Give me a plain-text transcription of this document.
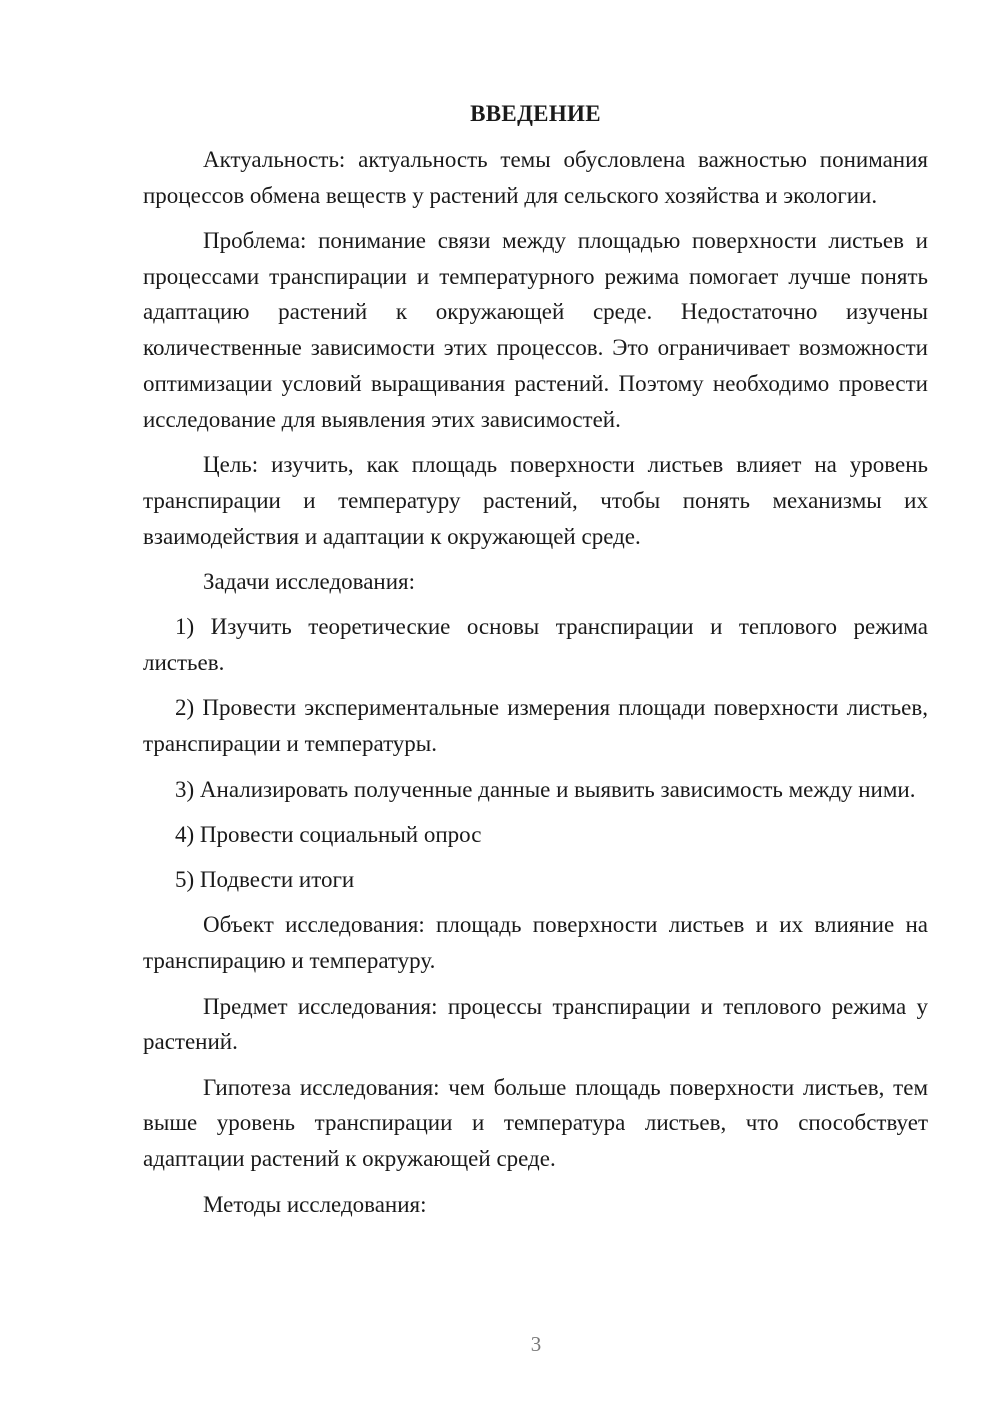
ВВЕДЕНИЕ

Актуальность: актуальность темы обусловлена важностью понимания процессов обмена веществ у растений для сельского хозяйства и экологии.

Проблема: понимание связи между площадью поверхности листьев и процессами транспирации и температурного режима помогает лучше понять адаптацию растений к окружающей среде. Недостаточно изучены количественные зависимости этих процессов. Это ограничивает возможности оптимизации условий выращивания растений. Поэтому необходимо провести исследование для выявления этих зависимостей.

Цель: изучить, как площадь поверхности листьев влияет на уровень транспирации и температуру растений, чтобы понять механизмы их взаимодействия и адаптации к окружающей среде.

Задачи исследования:

1) Изучить теоретические основы транспирации и теплового режима листьев.

2) Провести экспериментальные измерения площади поверхности листьев, транспирации и температуры.

3) Анализировать полученные данные и выявить зависимость между ними.

4) Провести социальный опрос

5) Подвести итоги

Объект исследования: площадь поверхности листьев и их влияние на транспирацию и температуру.

Предмет исследования: процессы транспирации и теплового режима у растений.

Гипотеза исследования: чем больше площадь поверхности листьев, тем выше уровень транспирации и температура листьев, что способствует адаптации растений к окружающей среде.

Методы исследования:

3
